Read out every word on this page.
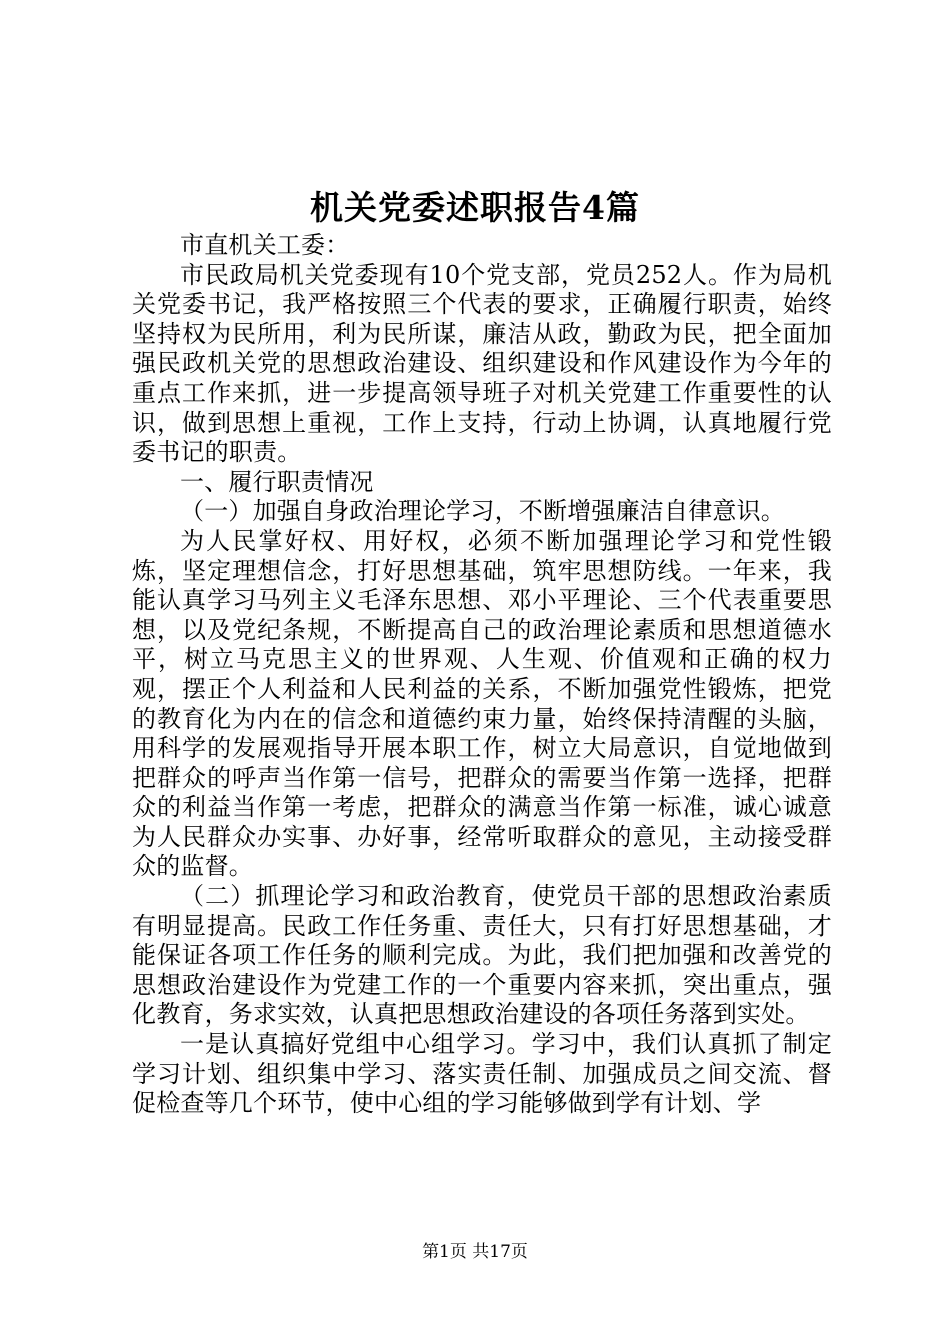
机关党委述职报告4篇

市直机关工委：

市民政局机关党委现有10个党支部，党员252人。作为局机关党委书记，我严格按照三个代表的要求，正确履行职责，始终坚持权为民所用，利为民所谋，廉洁从政，勤政为民，把全面加强民政机关党的思想政治建设、组织建设和作风建设作为今年的重点工作来抓，进一步提高领导班子对机关党建工作重要性的认识，做到思想上重视，工作上支持，行动上协调，认真地履行党委书记的职责。

一、履行职责情况

（一）加强自身政治理论学习，不断增强廉洁自律意识。

为人民掌好权、用好权，必须不断加强理论学习和党性锻炼，坚定理想信念，打好思想基础，筑牢思想防线。一年来，我能认真学习马列主义毛泽东思想、邓小平理论、三个代表重要思想，以及党纪条规，不断提高自己的政治理论素质和思想道德水平，树立马克思主义的世界观、人生观、价值观和正确的权力观，摆正个人利益和人民利益的关系，不断加强党性锻炼，把党的教育化为内在的信念和道德约束力量，始终保持清醒的头脑，用科学的发展观指导开展本职工作，树立大局意识，自觉地做到把群众的呼声当作第一信号，把群众的需要当作第一选择，把群众的利益当作第一考虑，把群众的满意当作第一标准，诚心诚意为人民群众办实事、办好事，经常听取群众的意见，主动接受群众的监督。

（二）抓理论学习和政治教育，使党员干部的思想政治素质有明显提高。民政工作任务重、责任大，只有打好思想基础，才能保证各项工作任务的顺利完成。为此，我们把加强和改善党的思想政治建设作为党建工作的一个重要内容来抓，突出重点，强化教育，务求实效，认真把思想政治建设的各项任务落到实处。

一是认真搞好党组中心组学习。学习中，我们认真抓了制定学习计划、组织集中学习、落实责任制、加强成员之间交流、督促检查等几个环节，使中心组的学习能够做到学有计划、学

第1页 共17页
